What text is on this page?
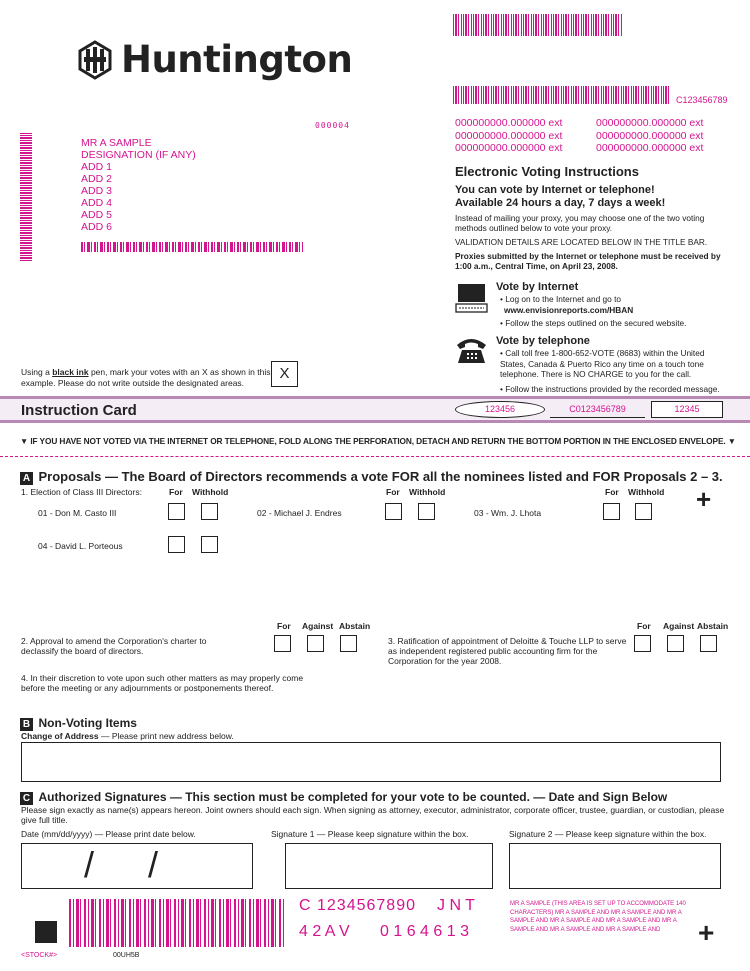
Huntington
C123456789
000004
MR A SAMPLE
DESIGNATION (IF ANY)
ADD 1
ADD 2
ADD 3
ADD 4
ADD 5
ADD 6
000000000.000000 ext
000000000.000000 ext
000000000.000000 ext
000000000.000000 ext
000000000.000000 ext
000000000.000000 ext
Electronic Voting Instructions
You can vote by Internet or telephone!
Available 24 hours a day, 7 days a week!
Instead of mailing your proxy, you may choose one of the two voting methods outlined below to vote your proxy.
VALIDATION DETAILS ARE LOCATED BELOW IN THE TITLE BAR.
Proxies submitted by the Internet or telephone must be received by 1:00 a.m., Central Time, on April 23, 2008.
Vote by Internet
• Log on to the Internet and go to
www.envisionreports.com/HBAN
• Follow the steps outlined on the secured website.
Vote by telephone
• Call toll free 1-800-652-VOTE (8683) within the United States, Canada & Puerto Rico any time on a touch tone telephone. There is NO CHARGE to you for the call.
• Follow the instructions provided by the recorded message.
Using a black ink pen, mark your votes with an X as shown in this example. Please do not write outside the designated areas.
X
Instruction Card	123456	C0123456789	12345
▼ IF YOU HAVE NOT VOTED VIA THE INTERNET OR TELEPHONE, FOLD ALONG THE PERFORATION, DETACH AND RETURN THE BOTTOM PORTION IN THE ENCLOSED ENVELOPE. ▼
A Proposals — The Board of Directors recommends a vote FOR all the nominees listed and FOR Proposals 2 – 3.
1. Election of Class III Directors:	For Withhold	For Withhold	For Withhold +
01 - Don M. Casto III	02 - Michael J. Endres	03 - Wm. J. Lhota
04 - David L. Porteous
For Against Abstain	For Against Abstain
2. Approval to amend the Corporation's charter to declassify the board of directors.
3. Ratification of appointment of Deloitte & Touche LLP to serve as independent registered public accounting firm for the Corporation for the year 2008.
4. In their discretion to vote upon such other matters as may properly come before the meeting or any adjournments or postponements thereof.
B Non-Voting Items
Change of Address — Please print new address below.
C Authorized Signatures — This section must be completed for your vote to be counted. — Date and Sign Below
Please sign exactly as name(s) appears hereon. Joint owners should each sign. When signing as attorney, executor, administrator, corporate officer, trustee, guardian, or custodian, please give full title.
Date (mm/dd/yyyy) — Please print date below.	Signature 1 — Please keep signature within the box.	Signature 2 — Please keep signature within the box.
/ /
C 1234567890 J N T
4 2 A V 0 1 6 4 6 1 3
MR A SAMPLE (THIS AREA IS SET UP TO ACCOMMODATE 140 CHARACTERS) MR A SAMPLE AND MR A SAMPLE AND MR A SAMPLE AND MR A SAMPLE AND MR A SAMPLE AND MR A SAMPLE AND MR A SAMPLE AND MR A SAMPLE AND	+
<STOCK#>	00UH5B
